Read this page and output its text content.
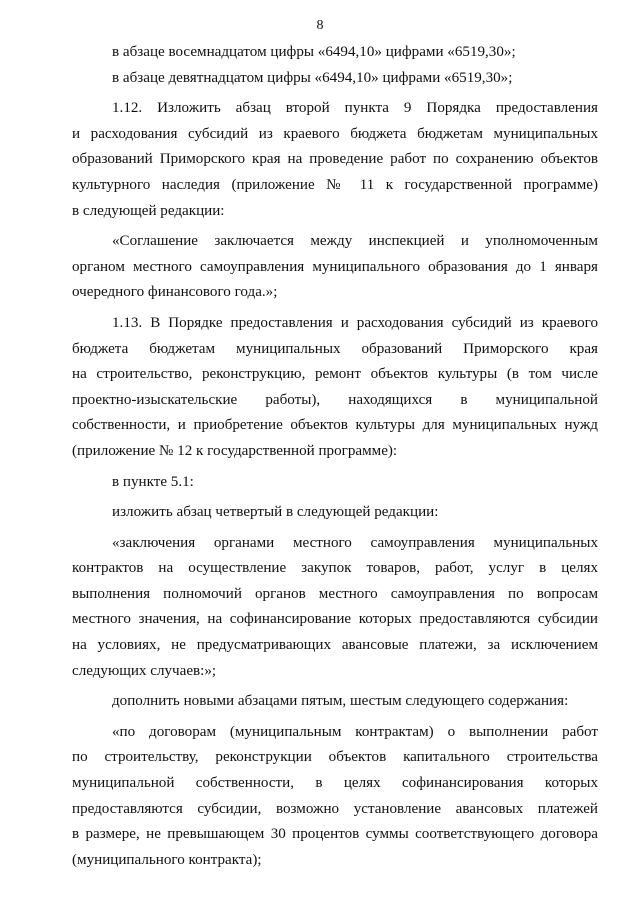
8
в абзаце восемнадцатом цифры «6494,10» цифрами «6519,30»;
в абзаце девятнадцатом цифры «6494,10» цифрами «6519,30»;
1.12. Изложить абзац второй пункта 9 Порядка предоставления
и расходования субсидий из краевого бюджета бюджетам муниципальных
образований Приморского края на проведение работ по сохранению объектов
культурного наследия (приложение № 11 к государственной программе)
в следующей редакции:
«Соглашение заключается между инспекцией и уполномоченным
органом местного самоуправления муниципального образования до 1 января
очередного финансового года.»;
1.13. В Порядке предоставления и расходования субсидий из краевого
бюджета бюджетам муниципальных образований Приморского края
на строительство, реконструкцию, ремонт объектов культуры (в том числе
проектно-изыскательские работы), находящихся в муниципальной
собственности, и приобретение объектов культуры для муниципальных нужд
(приложение № 12 к государственной программе):
в пункте 5.1:
изложить абзац четвертый в следующей редакции:
«заключения органами местного самоуправления муниципальных
контрактов на осуществление закупок товаров, работ, услуг в целях
выполнения полномочий органов местного самоуправления по вопросам
местного значения, на софинансирование которых предоставляются субсидии
на условиях, не предусматривающих авансовые платежи, за исключением
следующих случаев:»;
дополнить новыми абзацами пятым, шестым следующего содержания:
«по договорам (муниципальным контрактам) о выполнении работ
по строительству, реконструкции объектов капитального строительства
муниципальной собственности, в целях софинансирования которых
предоставляются субсидии, возможно установление авансовых платежей
в размере, не превышающем 30 процентов суммы соответствующего договора
(муниципального контракта);
